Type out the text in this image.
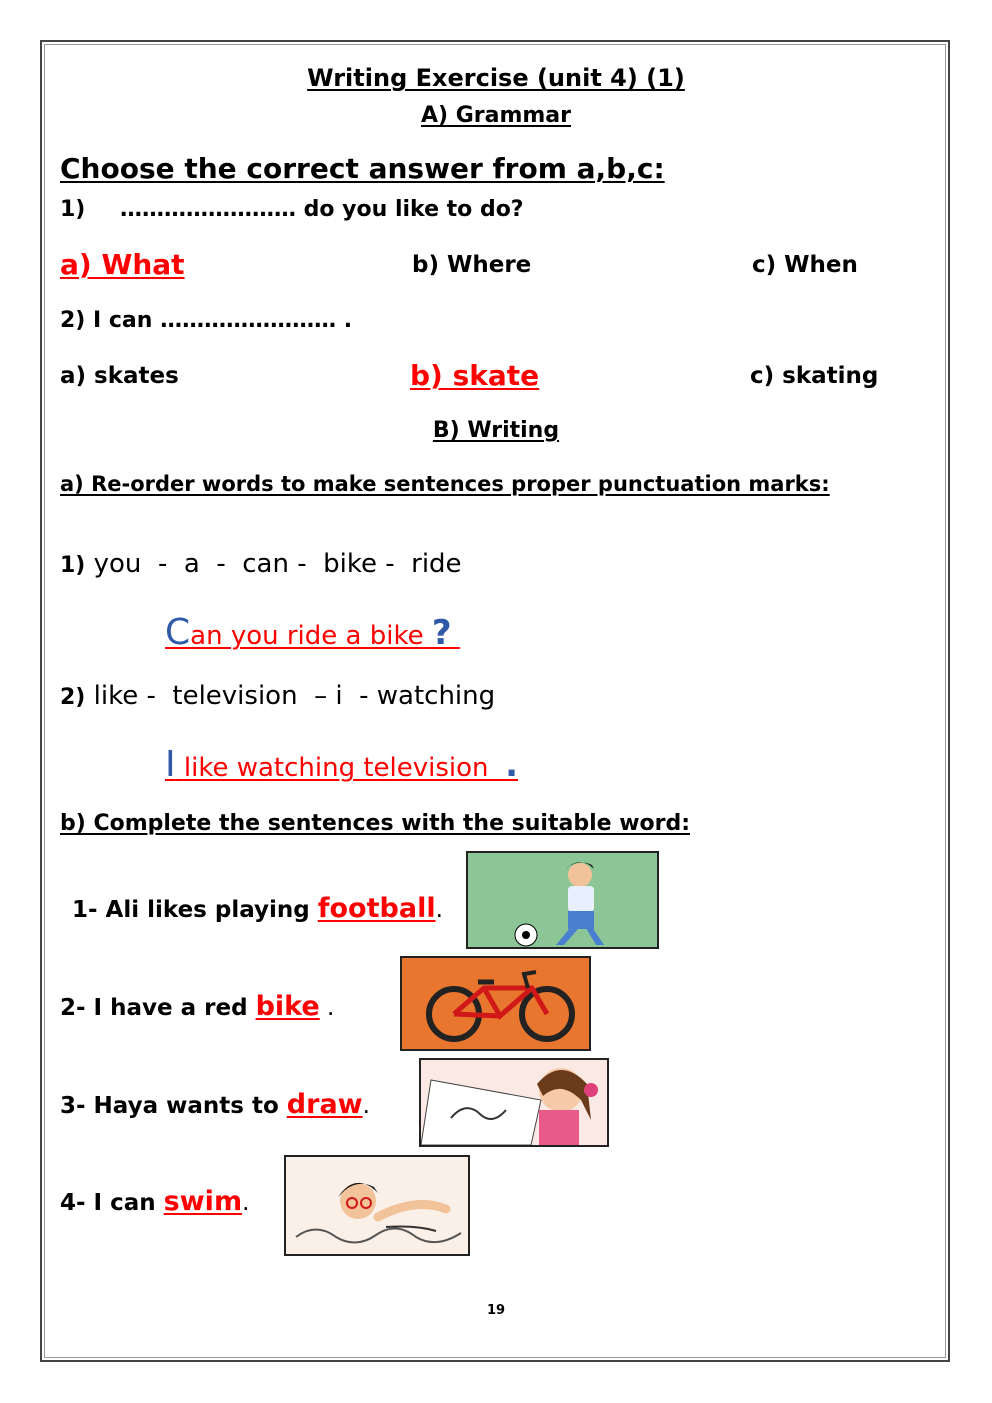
Writing Exercise (unit 4) (1)
A) Grammar
Choose the correct answer from a,b,c:
1) …………………… do you like to do?
a) What	b) Where	c) When
2) I can …………………… .
a) skates	b) skate	c) skating
B) Writing
a) Re-order words to make sentences proper punctuation marks:
1) you  -  a  -  can -  bike -  ride
Can you ride a bike ?
2) like -  television  – i  - watching
I like watching television .
b) Complete the sentences with the suitable word:
1- Ali likes playing football.
2- I have a red bike .
3- Haya wants to draw.
4- I can swim.
19
